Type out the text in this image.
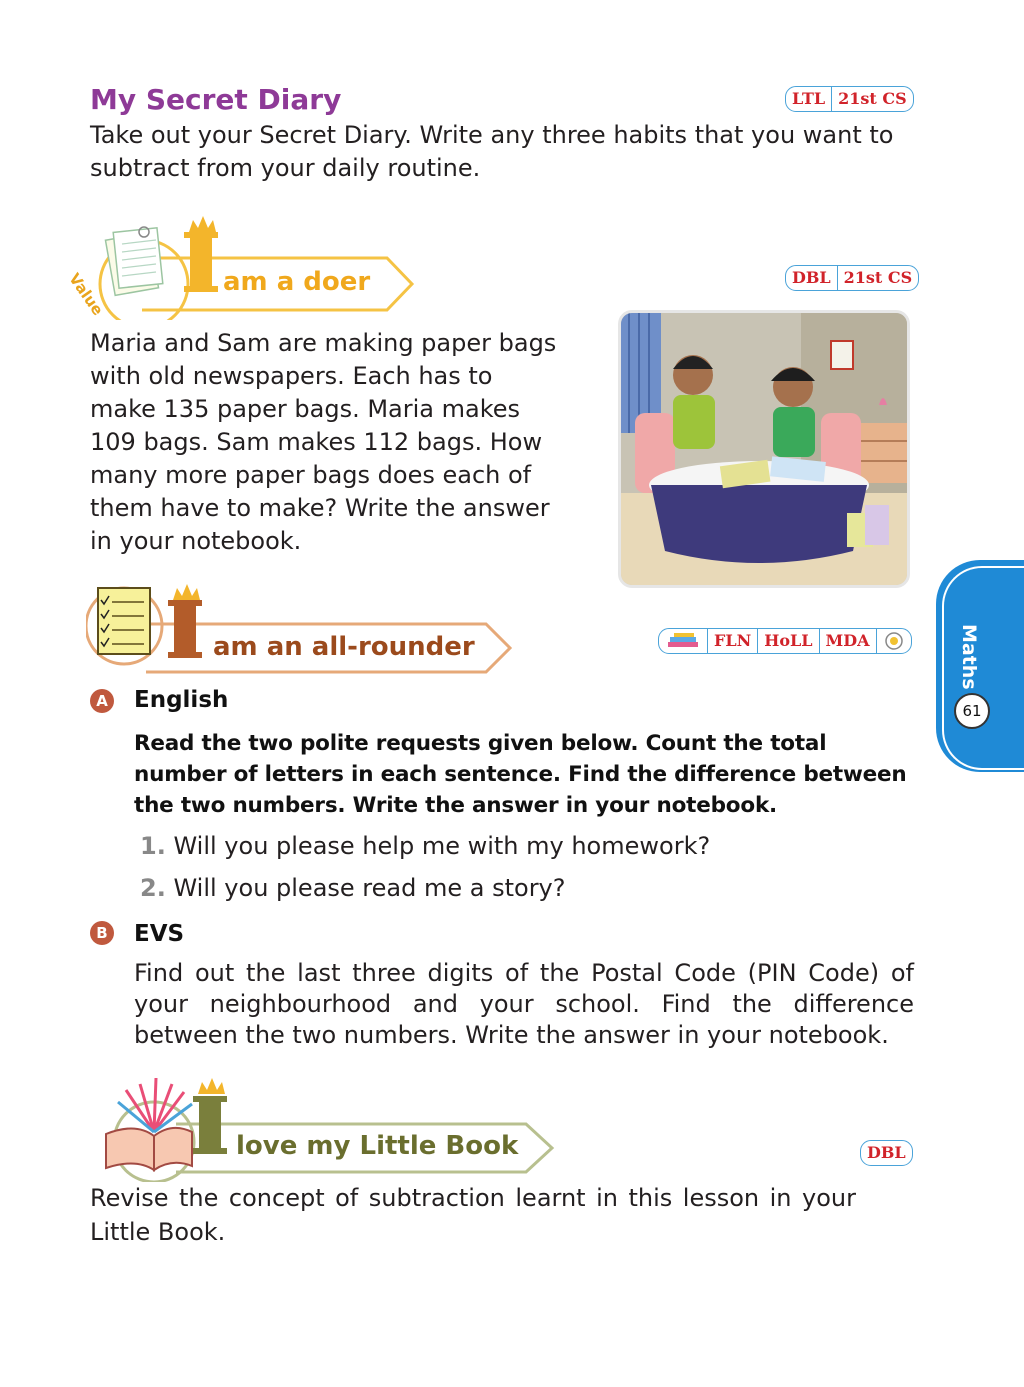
My Secret Diary	LTL 21st CS
Take out your Secret Diary. Write any three habits that you want to subtract from your daily routine.
Value	am a doer	DBL 21st CS
Maria and Sam are making paper bags with old newspapers. Each has to make 135 paper bags. Maria makes 109 bags. Sam makes 112 bags. How many more paper bags does each of them have to make? Write the answer in your notebook.
am an all-rounder	FLN HoLL MDA
A English
Read the two polite requests given below. Count the total number of letters in each sentence. Find the difference between the two numbers. Write the answer in your notebook.
1. Will you please help me with my homework?
2. Will you please read me a story?
B EVS
Find out the last three digits of the Postal Code (PIN Code) of your neighbourhood and your school. Find the difference between the two numbers. Write the answer in your notebook.
love my Little Book	DBL
Revise the concept of subtraction learnt in this lesson in your Little Book.
Maths
61
